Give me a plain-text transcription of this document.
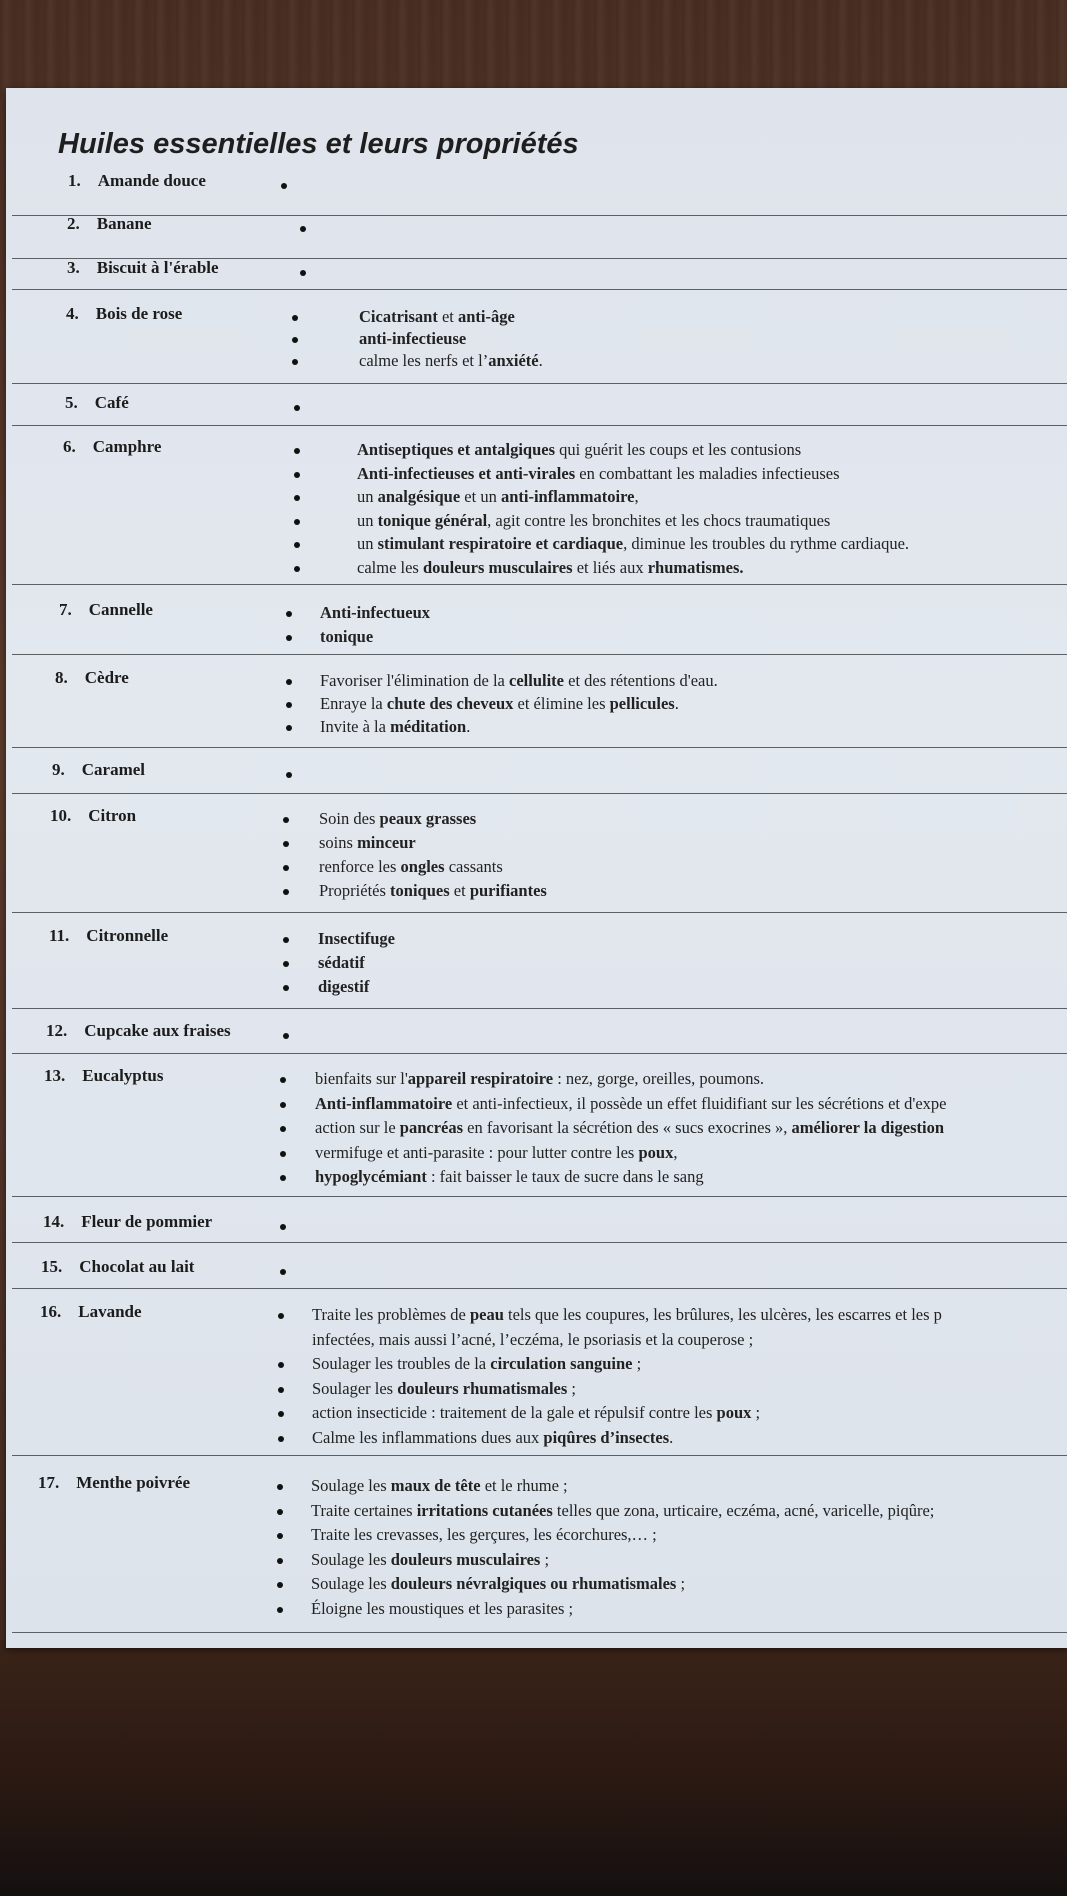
Huiles essentielles et leurs propriétés
1. Amande douce
2. Banane
3. Biscuit à l'érable
4. Bois de rose	Cicatrisant et anti-âge
anti-infectieuse
calme les nerfs et l’anxiété.
5. Café
6. Camphre	Antiseptiques et antalgiques qui guérit les coups et les contusions
Anti-infectieuses et anti-virales en combattant les maladies infectieuses
un analgésique et un anti-inflammatoire,
un tonique général, agit contre les bronchites et les chocs traumatiques
un stimulant respiratoire et cardiaque, diminue les troubles du rythme cardiaque.
calme les douleurs musculaires et liés aux rhumatismes.
7. Cannelle	Anti-infectueux
tonique
8. Cèdre	Favoriser l'élimination de la cellulite et des rétentions d'eau.
Enraye la chute des cheveux et élimine les pellicules.
Invite à la méditation.
9. Caramel
10. Citron	Soin des peaux grasses
soins minceur
renforce les ongles cassants
Propriétés toniques et purifiantes
11. Citronnelle	Insectifuge
sédatif
digestif
12. Cupcake aux fraises
13. Eucalyptus	bienfaits sur l'appareil respiratoire : nez, gorge, oreilles, poumons.
Anti-inflammatoire et anti-infectieux, il possède un effet fluidifiant sur les sécrétions et d'expe
action sur le pancréas en favorisant la sécrétion des « sucs exocrines », améliorer la digestion
vermifuge et anti-parasite : pour lutter contre les poux,
hypoglycémiant : fait baisser le taux de sucre dans le sang
14. Fleur de pommier
15. Chocolat au lait
16. Lavande	Traite les problèmes de peau tels que les coupures, les brûlures, les ulcères, les escarres et les p
infectées, mais aussi l’acné, l’eczéma, le psoriasis et la couperose ;
Soulager les troubles de la circulation sanguine ;
Soulager les douleurs rhumatismales ;
action insecticide : traitement de la gale et répulsif contre les poux ;
Calme les inflammations dues aux piqûres d’insectes.
17. Menthe poivrée	Soulage les maux de tête et le rhume ;
Traite certaines irritations cutanées telles que zona, urticaire, eczéma, acné, varicelle, piqûre;
Traite les crevasses, les gerçures, les écorchures,… ;
Soulage les douleurs musculaires ;
Soulage les douleurs névralgiques ou rhumatismales ;
Éloigne les moustiques et les parasites ;
